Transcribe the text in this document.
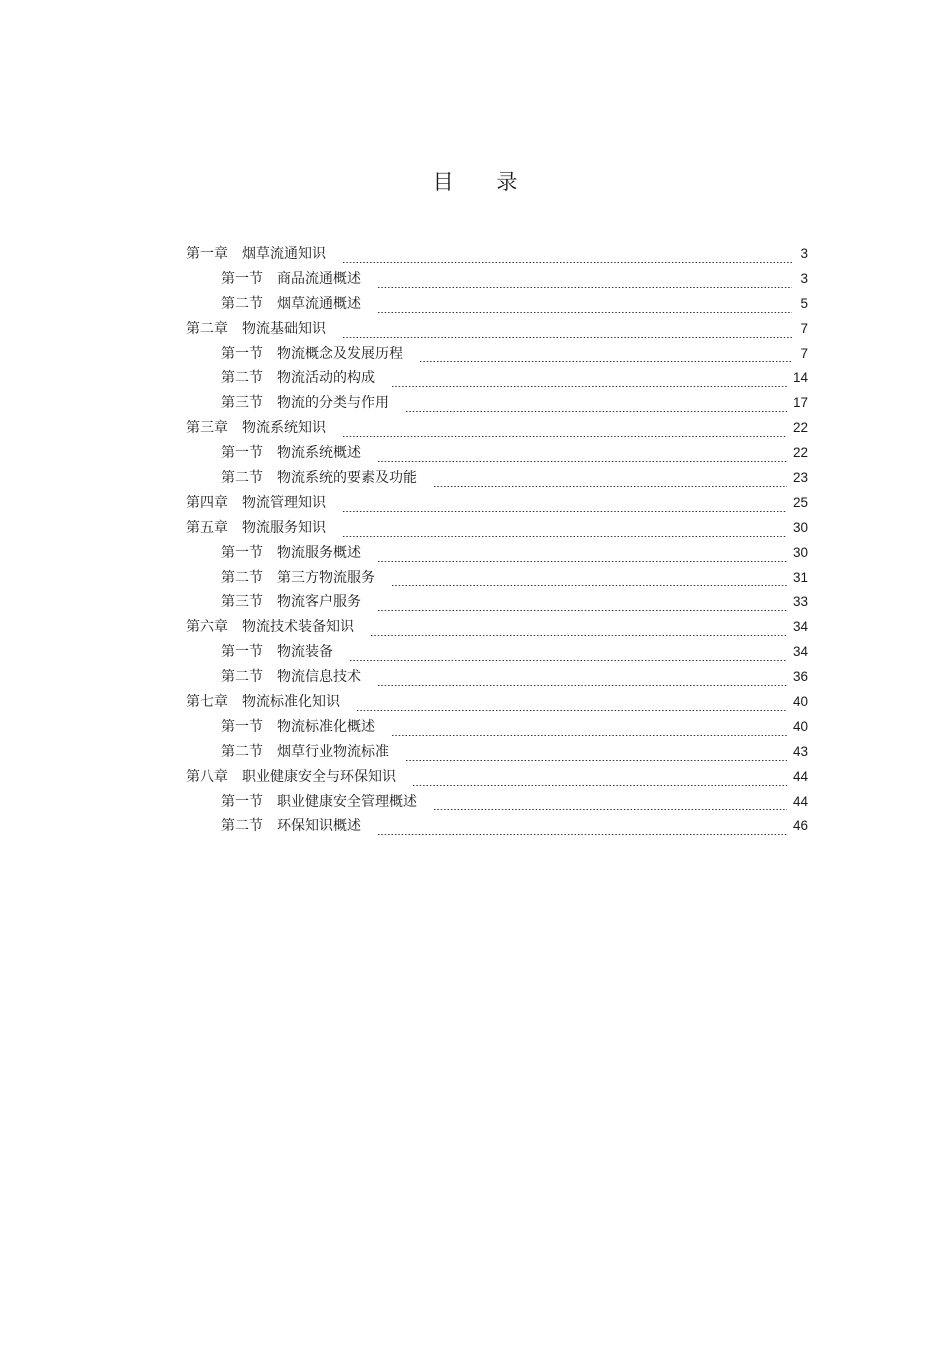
目 录
第一章 烟草流通知识	3
第一节 商品流通概述	3
第二节 烟草流通概述	5
第二章 物流基础知识	7
第一节 物流概念及发展历程	7
第二节 物流活动的构成	14
第三节 物流的分类与作用	17
第三章 物流系统知识	22
第一节 物流系统概述	22
第二节 物流系统的要素及功能	23
第四章 物流管理知识	25
第五章 物流服务知识	30
第一节 物流服务概述	30
第二节 第三方物流服务	31
第三节 物流客户服务	33
第六章 物流技术装备知识	34
第一节 物流装备	34
第二节 物流信息技术	36
第七章 物流标准化知识	40
第一节 物流标准化概述	40
第二节 烟草行业物流标准	43
第八章 职业健康安全与环保知识	44
第一节 职业健康安全管理概述	44
第二节 环保知识概述	46
